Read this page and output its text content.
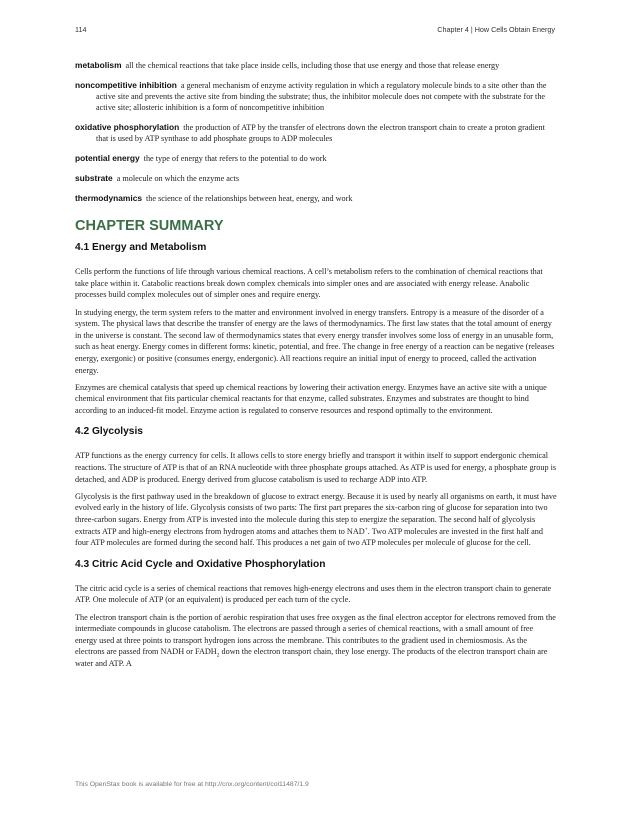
114	Chapter 4 | How Cells Obtain Energy

metabolism all the chemical reactions that take place inside cells, including those that use energy and those that release energy

noncompetitive inhibition a general mechanism of enzyme activity regulation in which a regulatory molecule binds to a site other than the active site and prevents the active site from binding the substrate; thus, the inhibitor molecule does not compete with the substrate for the active site; allosteric inhibition is a form of noncompetitive inhibition

oxidative phosphorylation the production of ATP by the transfer of electrons down the electron transport chain to create a proton gradient that is used by ATP synthase to add phosphate groups to ADP molecules

potential energy the type of energy that refers to the potential to do work

substrate a molecule on which the enzyme acts

thermodynamics the science of the relationships between heat, energy, and work

CHAPTER SUMMARY
4.1 Energy and Metabolism

Cells perform the functions of life through various chemical reactions. A cell’s metabolism refers to the combination of chemical reactions that take place within it. Catabolic reactions break down complex chemicals into simpler ones and are associated with energy release. Anabolic processes build complex molecules out of simpler ones and require energy.

In studying energy, the term system refers to the matter and environment involved in energy transfers. Entropy is a measure of the disorder of a system. The physical laws that describe the transfer of energy are the laws of thermodynamics. The first law states that the total amount of energy in the universe is constant. The second law of thermodynamics states that every energy transfer involves some loss of energy in an unusable form, such as heat energy. Energy comes in different forms: kinetic, potential, and free. The change in free energy of a reaction can be negative (releases energy, exergonic) or positive (consumes energy, endergonic). All reactions require an initial input of energy to proceed, called the activation energy.

Enzymes are chemical catalysts that speed up chemical reactions by lowering their activation energy. Enzymes have an active site with a unique chemical environment that fits particular chemical reactants for that enzyme, called substrates. Enzymes and substrates are thought to bind according to an induced-fit model. Enzyme action is regulated to conserve resources and respond optimally to the environment.

4.2 Glycolysis

ATP functions as the energy currency for cells. It allows cells to store energy briefly and transport it within itself to support endergonic chemical reactions. The structure of ATP is that of an RNA nucleotide with three phosphate groups attached. As ATP is used for energy, a phosphate group is detached, and ADP is produced. Energy derived from glucose catabolism is used to recharge ADP into ATP.

Glycolysis is the first pathway used in the breakdown of glucose to extract energy. Because it is used by nearly all organisms on earth, it must have evolved early in the history of life. Glycolysis consists of two parts: The first part prepares the six-carbon ring of glucose for separation into two three-carbon sugars. Energy from ATP is invested into the molecule during this step to energize the separation. The second half of glycolysis extracts ATP and high-energy electrons from hydrogen atoms and attaches them to NAD+. Two ATP molecules are invested in the first half and four ATP molecules are formed during the second half. This produces a net gain of two ATP molecules per molecule of glucose for the cell.

4.3 Citric Acid Cycle and Oxidative Phosphorylation

The citric acid cycle is a series of chemical reactions that removes high-energy electrons and uses them in the electron transport chain to generate ATP. One molecule of ATP (or an equivalent) is produced per each turn of the cycle.

The electron transport chain is the portion of aerobic respiration that uses free oxygen as the final electron acceptor for electrons removed from the intermediate compounds in glucose catabolism. The electrons are passed through a series of chemical reactions, with a small amount of free energy used at three points to transport hydrogen ions across the membrane. This contributes to the gradient used in chemiosmosis. As the electrons are passed from NADH or $FADH_2$ down the electron transport chain, they lose energy. The products of the electron transport chain are water and ATP. A

This OpenStax book is available for free at http://cnx.org/content/col11487/1.9
